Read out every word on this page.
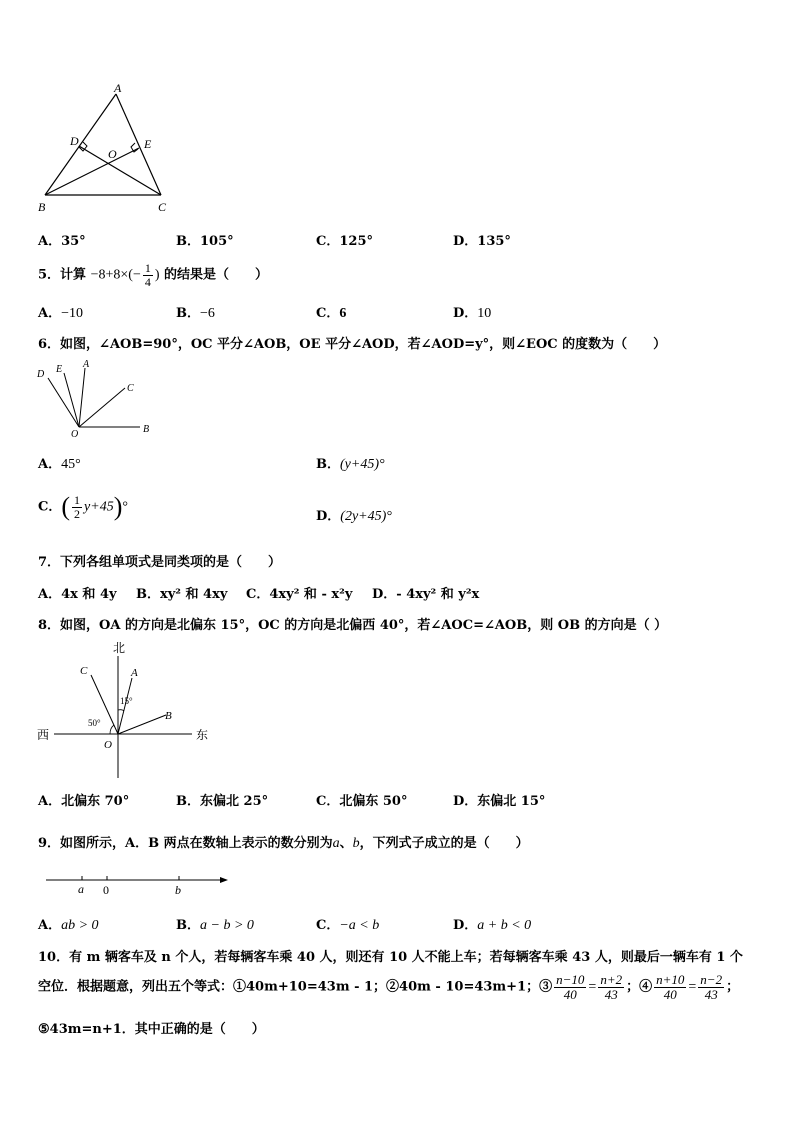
A
D
O
E
B	C
A．35°	B．105°	C．125°	D．135°
5．计算 $-8+8\times(- \frac{1}{4}$ ) 的结果是（　　）
A．−10	B．−6	C．6	D．10
6．如图，∠AOB=90°，OC 平分∠AOB，OE 平分∠AOD，若∠AOD=y°，则∠EOC 的度数为（　　）
D E A
C
O	B
A．45°	B．(y+45)°
C．( $\frac{1}{2} y+45)^\circ$
D．(2y+45)°
7．下列各组单项式是同类项的是（　　）
A．4x 和 4y B．xy² 和 4xy C．4xy² 和 - x²y D．- 4xy² 和 y²x
8．如图，OA 的方向是北偏东 15°，OC 的方向是北偏西 40°，若∠AOC=∠AOB，则 OB 的方向是（ ）
北
西	东
C	A
B
O
15°
50°
A．北偏东 70°	B．东偏北 25°	C．北偏东 50°	D．东偏北 15°
9．如图所示，A．B 两点在数轴上表示的数分别为a、b，下列式子成立的是（　　）
a 0	b
A．ab > 0	B．a − b > 0	C．−a < b	D．a + b < 0
10．有 m 辆客车及 n 个人，若每辆客车乘 40 人，则还有 10 人不能上车；若每辆客车乘 43 人，则最后一辆车有 1 个
空位．根据题意，列出五个等式：①40m+10=43m - 1；②40m - 10=43m+1；③ $\frac{n-10}{40} = \frac{n+2}{43}$ ；④ $\frac{n+10}{40} = \frac{n-2}{43}$ ；
⑤43m=n+1．其中正确的是（　　）
